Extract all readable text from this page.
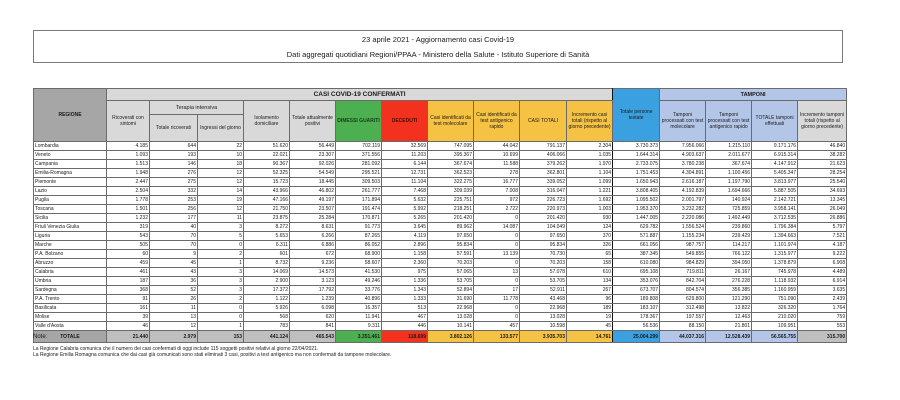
23 aprile 2021 - Aggiornamento casi Covid-19
Dati aggregati quotidiani Regioni/PPAA - Ministero della Salute - Istituto Superiore di Sanità
REGIONE	CASI COVID-19 CONFERMATI											Totale persone testate	TAMPONI			
	Ricoverati con sintomi	Terapia intensiva		Isolamento domiciliare	Totale attualmente positivi	DIMESSI GUARITI	DECEDUTI	Casi identificati da test molecolare	Casi identificati da test antigenico rapido	CASI TOTALI	Incremento casi totali (rispetto al giorno precedente)		Tamponi processati con test molecolare	Tamponi processati con test antigenico rapido	TOTALE tamponi effettuati	Incremento tamponi totali (rispetto al giorno precedente)
		Totale ricoverati	Ingressi del giorno													
Lombardia	4.185	644	22	51.620	56.449	702.119	32.569	747.095	44.042	791.137	2.304	3.730.373	7.956.066	1.215.110	9.171.176	46.840
Veneto	1.093	193	10	22.021	23.307	371.556	11.203	395.367	10.699	406.066	1.035	1.644.314	4.903.637	2.011.677	6.915.314	38.282
Campania	1.513	146	18	90.367	92.026	281.092	6.144	367.674	11.588	379.262	1.970	2.733.075	3.780.238	367.674	4.147.912	21.623
Emilia-Romagna	1.948	276	12	52.325	54.549	295.521	12.731	362.523	278	362.801	1.104	1.751.453	4.304.891	1.100.456	5.405.347	28.254
Piemonte	2.447	275	12	15.723	18.445	309.503	11.104	322.275	16.777	339.052	1.099	1.650.943	2.616.187	1.197.790	3.813.977	25.540
Lazio	2.504	332	14	43.966	46.802	261.777	7.468	309.039	7.008	316.047	1.221	3.808.405	4.192.839	1.694.666	5.887.505	34.693
Puglia	1.778	253	19	47.166	49.197	171.894	5.632	225.751	972	226.723	1.692	1.095.502	2.001.797	140.924	2.142.721	13.345
Toscana	1.501	256	12	21.750	23.507	191.474	5.992	218.251	2.722	220.973	1.003	1.953.370	3.232.282	725.859	3.958.141	26.049
Sicilia	1.232	177	11	23.875	25.284	170.871	5.265	201.420	0	201.420	930	1.447.005	2.220.086	1.492.449	3.712.535	26.886
Friuli Venezia Giulia	319	40	3	8.272	8.631	91.773	3.645	89.962	14.087	104.049	124	629.782	1.556.524	239.860	1.796.384	5.797
Liguria	543	70	5	5.653	6.266	87.265	4.119	97.650	0	97.650	370	571.887	1.155.234	239.429	1.394.663	7.521
Marche	505	70	0	6.311	6.886	86.052	2.896	95.834	0	95.834	326	661.056	987.757	114.217	1.101.974	4.187
P.A. Bolzano	60	9	2	601	672	68.900	1.158	57.591	13.139	70.730	65	387.345	549.855	766.122	1.315.977	9.222
Abruzzo	459	45	1	8.732	9.236	58.607	2.360	70.203	0	70.203	158	610.080	984.829	394.050	1.378.879	6.908
Calabria	461	43	3	14.069	14.573	41.530	975	57.065	13	57.078	610	695.108	719.811	26.167	745.978	4.489
Umbria	187	36	3	2.900	3.123	49.246	1.336	53.705	0	53.705	134	353.076	842.704	276.228	1.118.932	6.914
Sardegna	368	52	3	17.372	17.792	33.776	1.343	52.894	17	52.911	267	673.707	804.574	356.385	1.160.959	3.635
P.A. Trento	91	26	2	1.122	1.239	40.896	1.333	31.690	11.778	43.468	96	189.808	629.800	121.290	751.090	2.439
Basilicata	161	11	0	5.926	6.098	16.357	513	22.968	0	22.968	189	183.107	312.498	13.822	326.320	1.764
Molise	39	13	0	568	620	11.941	467	13.028	0	13.028	19	178.367	197.557	12.463	210.020	759
Valle d'Aosta	46	12	1	783	841	9.311	446	10.141	457	10.598	45	56.536	88.150	21.801	109.951	553
TOTALE	21.440	2.979	153	441.124	465.543	3.351.461	118.699	3.802.126	133.577	3.935.703	14.761	25.004.299	44.037.316	12.528.439	56.565.755	315.700
Note:
La Regione Calabria comunica che il numero dei casi confermati di oggi include 115 soggetti positivi relativi al giorno 22/04/2021.
La Regione Emilia Romagna comunica che dai casi già comunicati sono stati eliminati 3 casi, positivi a test antigenico ma non confermati da tampone molecolare.
